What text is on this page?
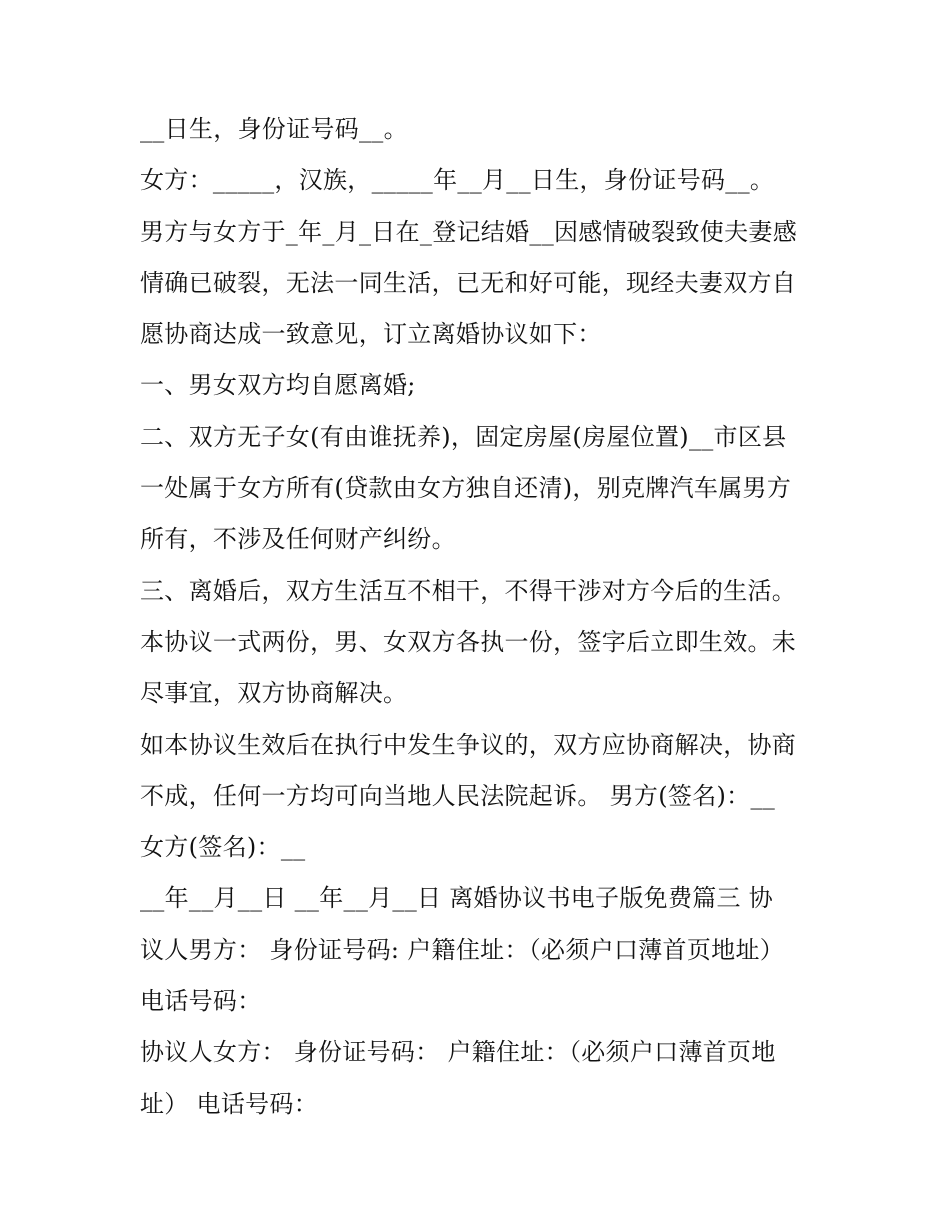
__日生，身份证号码__。
女方：_____，汉族，_____年__月__日生，身份证号码__。
男方与女方于_年_月_日在_登记结婚__因感情破裂致使夫妻感
情确已破裂，无法一同生活，已无和好可能，现经夫妻双方自
愿协商达成一致意见，订立离婚协议如下：
一、男女双方均自愿离婚;
二、双方无子女(有由谁抚养)，固定房屋(房屋位置)__市区县
一处属于女方所有(贷款由女方独自还清)，别克牌汽车属男方
所有，不涉及任何财产纠纷。
三、离婚后，双方生活互不相干，不得干涉对方今后的生活。
本协议一式两份，男、女双方各执一份，签字后立即生效。未
尽事宜，双方协商解决。
如本协议生效后在执行中发生争议的，双方应协商解决，协商
不成，任何一方均可向当地人民法院起诉。 男方(签名)：__
女方(签名)：__
__年__月__日 __年__月__日 离婚协议书电子版免费篇三 协
议人男方： 身份证号码: 户籍住址：（必须户口薄首页地址）
电话号码：
协议人女方： 身份证号码： 户籍住址：（必须户口薄首页地
址） 电话号码：
